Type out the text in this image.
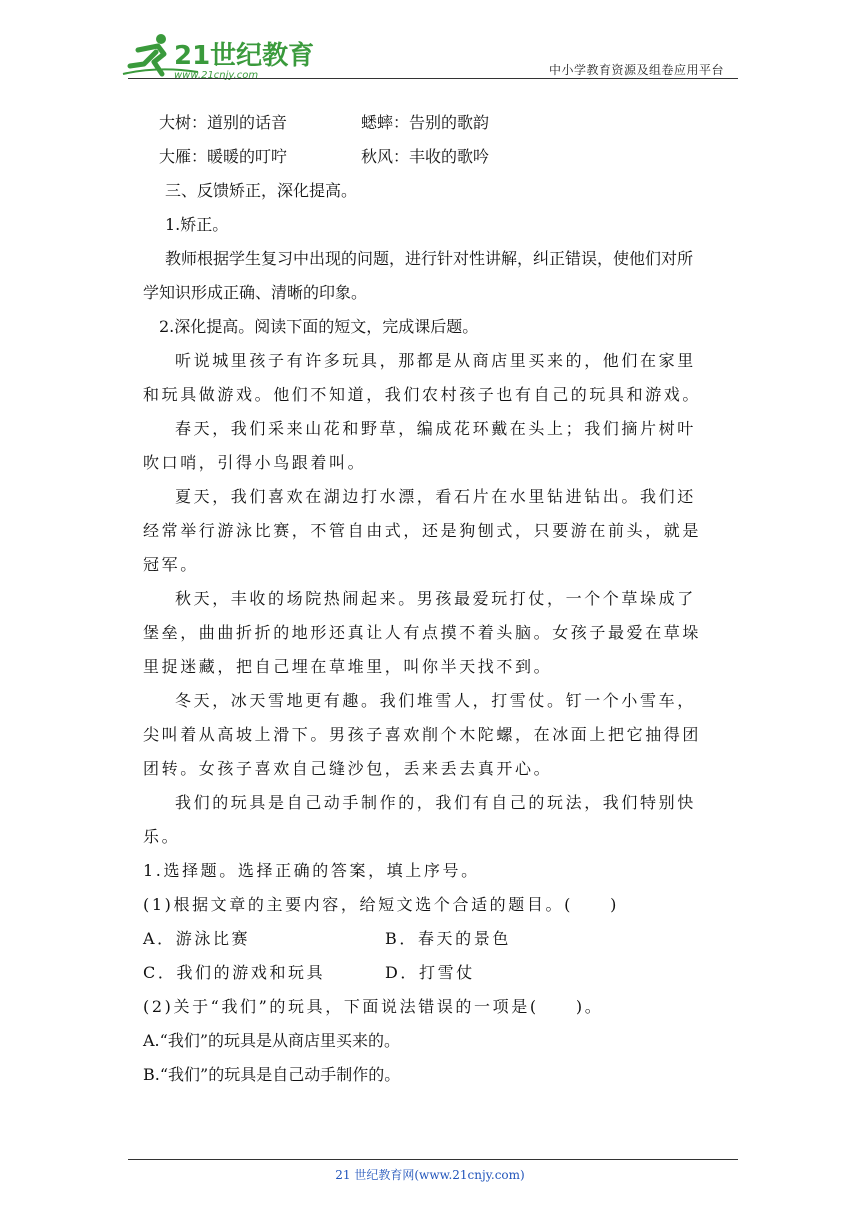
21世纪教育
www.21cnjy.com	中小学教育资源及组卷应用平台
大树：道别的话音	蟋蟀：告别的歌韵
大雁：暖暖的叮咛	秋风：丰收的歌吟
三、反馈矫正，深化提高。
1.矫正。
教师根据学生复习中出现的问题，进行针对性讲解，纠正错误，使他们对所
学知识形成正确、清晰的印象。
2.深化提高。阅读下面的短文，完成课后题。
听说城里孩子有许多玩具，那都是从商店里买来的，他们在家里
和玩具做游戏。他们不知道，我们农村孩子也有自己的玩具和游戏。
春天，我们采来山花和野草，编成花环戴在头上；我们摘片树叶
吹口哨，引得小鸟跟着叫。
夏天，我们喜欢在湖边打水漂，看石片在水里钻进钻出。我们还
经常举行游泳比赛，不管自由式，还是狗刨式，只要游在前头，就是
冠军。
秋天，丰收的场院热闹起来。男孩最爱玩打仗，一个个草垛成了
堡垒，曲曲折折的地形还真让人有点摸不着头脑。女孩子最爱在草垛
里捉迷藏，把自己埋在草堆里，叫你半天找不到。
冬天，冰天雪地更有趣。我们堆雪人，打雪仗。钉一个小雪车，
尖叫着从高坡上滑下。男孩子喜欢削个木陀螺，在冰面上把它抽得团
团转。女孩子喜欢自己缝沙包，丢来丢去真开心。
我们的玩具是自己动手制作的，我们有自己的玩法，我们特别快
乐。
1.选择题。选择正确的答案，填上序号。
(1)根据文章的主要内容，给短文选个合适的题目。(　　)
A．游泳比赛	B．春天的景色
C．我们的游戏和玩具	D．打雪仗
(2)关于“我们”的玩具，下面说法错误的一项是(　　)。
A.“我们”的玩具是从商店里买来的。
B.“我们”的玩具是自己动手制作的。
21 世纪教育网(www.21cnjy.com)
